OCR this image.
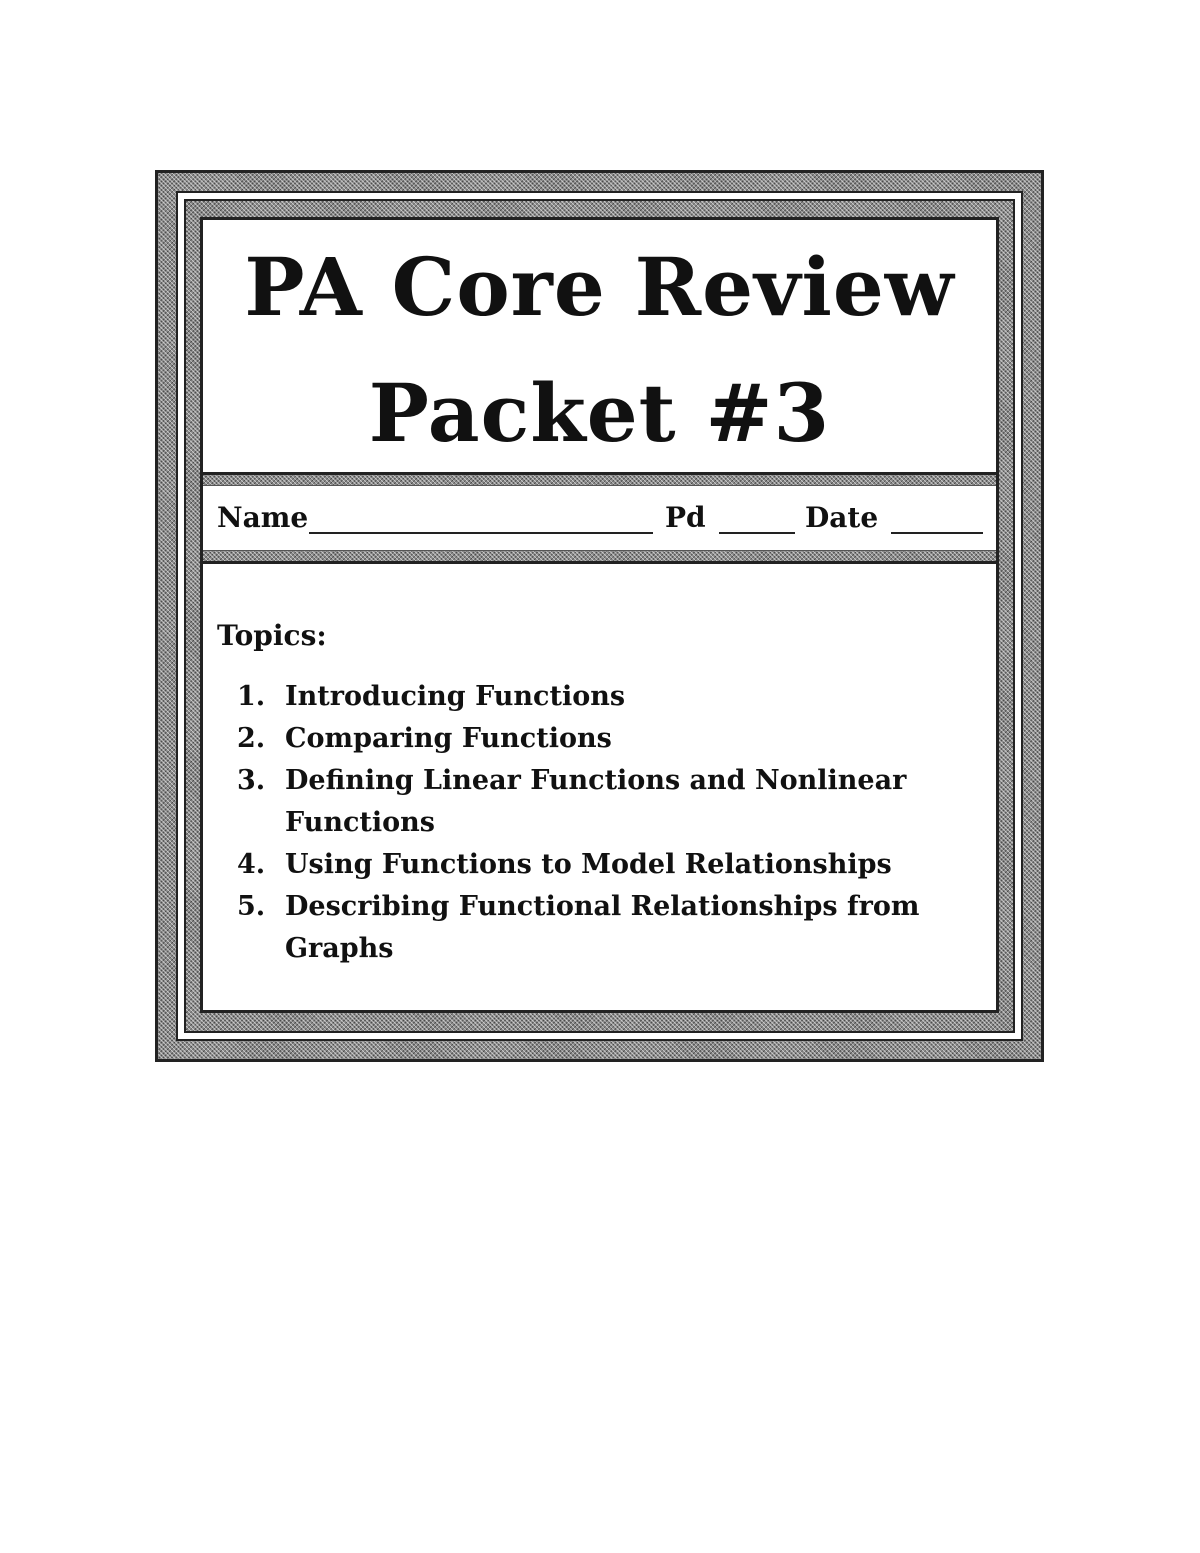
PA Core Review
Packet #3
Name	Pd	Date
Topics:
1. Introducing Functions
2. Comparing Functions
3. Defining Linear Functions and Nonlinear Functions
4. Using Functions to Model Relationships
5. Describing Functional Relationships from Graphs
